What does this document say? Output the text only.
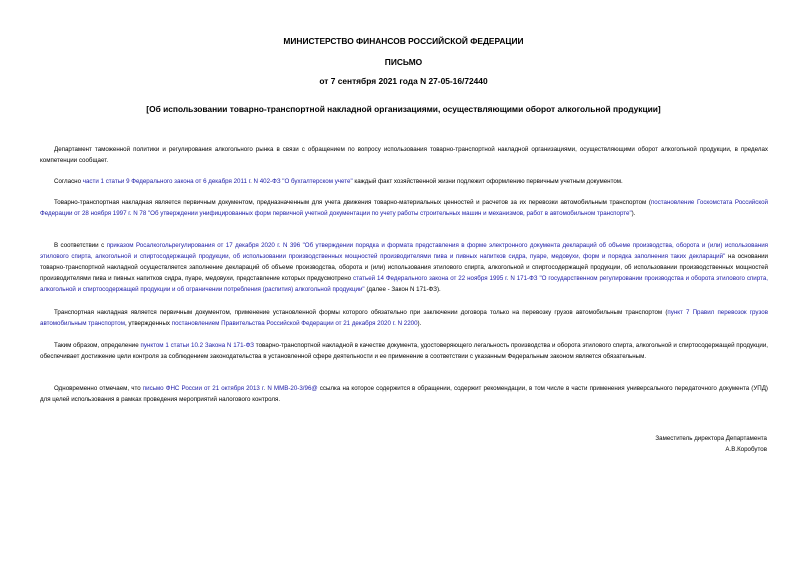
МИНИСТЕРСТВО ФИНАНСОВ РОССИЙСКОЙ ФЕДЕРАЦИИ
ПИСЬМО
от 7 сентября 2021 года N 27-05-16/72440
[Об использовании товарно-транспортной накладной организациями, осуществляющими оборот алкогольной продукции]

Департамент таможенной политики и регулирования алкогольного рынка в связи с обращением по вопросу использования товарно-транспортной накладной организациями, осуществляющими оборот алкогольной продукции, в пределах компетенции сообщает.

Согласно части 1 статьи 9 Федерального закона от 6 декабря 2011 г. N 402-ФЗ "О бухгалтерском учете" каждый факт хозяйственной жизни подлежит оформлению первичным учетным документом.

Товарно-транспортная накладная является первичным документом, предназначенным для учета движения товарно-материальных ценностей и расчетов за их перевозки автомобильным транспортом (постановление Госкомстата Российской Федерации от 28 ноября 1997 г. N 78 "Об утверждении унифицированных форм первичной учетной документации по учету работы строительных машин и механизмов, работ в автомобильном транспорте").

В соответствии с приказом Росалкогольрегулирования от 17 декабря 2020 г. N 396 "Об утверждении порядка и формата представления в форме электронного документа деклараций об объеме производства, оборота и (или) использования этилового спирта, алкогольной и спиртосодержащей продукции, об использовании производственных мощностей производителями пива и пивных напитков сидра, пуаре, медовухи, форм и порядка заполнения таких деклараций" на основании товарно-транспортной накладной осуществляется заполнение деклараций об объеме производства, оборота и (или) использования этилового спирта, алкогольной и спиртосодержащей продукции, об использовании производственных мощностей производителями пива и пивных напитков сидра, пуаре, медовухи, представление которых предусмотрено статьей 14 Федерального закона от 22 ноября 1995 г. N 171-ФЗ "О государственном регулировании производства и оборота этилового спирта, алкогольной и спиртосодержащей продукции и об ограничении потребления (распития) алкогольной продукции" (далее - Закон N 171-ФЗ).

Транспортная накладная является первичным документом, применение установленной формы которого обязательно при заключении договора только на перевозку грузов автомобильным транспортом (пункт 7 Правил перевозок грузов автомобильным транспортом, утвержденных постановлением Правительства Российской Федерации от 21 декабря 2020 г. N 2200).

Таким образом, определение пунктом 1 статьи 10.2 Закона N 171-ФЗ товарно-транспортной накладной в качестве документа, удостоверяющего легальность производства и оборота этилового спирта, алкогольной и спиртосодержащей продукции, обеспечивает достижение цели контроля за соблюдением законодательства в установленной сфере деятельности и ее применение в соответствии с указанным Федеральным законом является обязательным.

Одновременно отмечаем, что письмо ФНС России от 21 октября 2013 г. N ММВ-20-3/96@ ссылка на которое содержится в обращении, содержит рекомендации, в том числе в части применения универсального передаточного документа (УПД) для целей использования в рамках проведения мероприятий налогового контроля.

Заместитель директора Департамента
А.В.Коробутов
